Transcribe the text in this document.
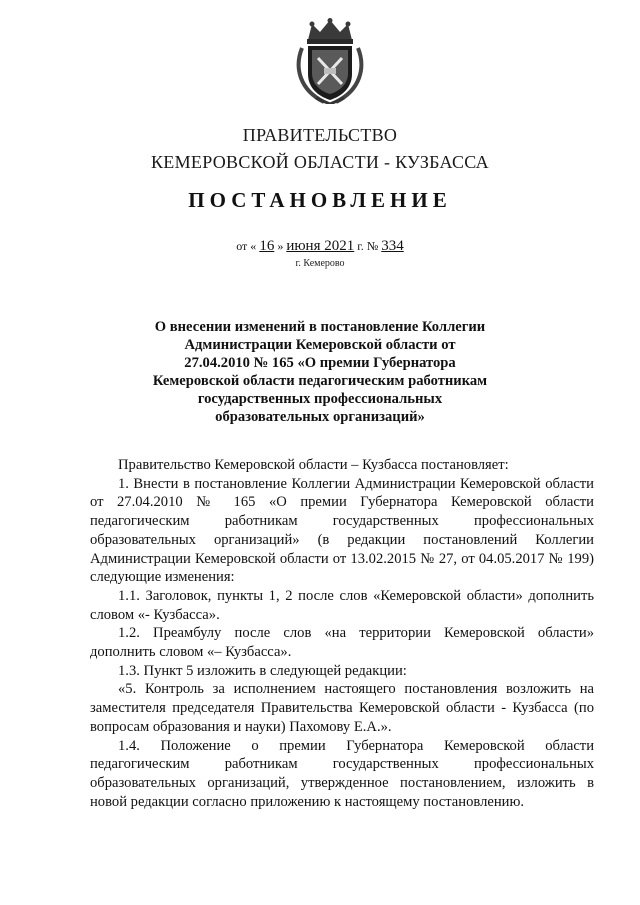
ПРАВИТЕЛЬСТВО
КЕМЕРОВСКОЙ ОБЛАСТИ - КУЗБАССА
ПОСТАНОВЛЕНИЕ
от « 16 » июня 2021 г. № 334
г. Кемерово
О внесении изменений в постановление Коллегии Администрации Кемеровской области от 27.04.2010 № 165 «О премии Губернатора Кемеровской области педагогическим работникам государственных профессиональных образовательных организаций»

Правительство Кемеровской области – Кузбасса постановляет:

1. Внести в постановление Коллегии Администрации Кемеровской области от 27.04.2010 № 165 «О премии Губернатора Кемеровской области педагогическим работникам государственных профессиональных образовательных организаций» (в редакции постановлений Коллегии Администрации Кемеровской области от 13.02.2015 № 27, от 04.05.2017 № 199) следующие изменения:

1.1. Заголовок, пункты 1, 2 после слов «Кемеровской области» дополнить словом «- Кузбасса».

1.2. Преамбулу после слов «на территории Кемеровской области» дополнить словом «– Кузбасса».

1.3. Пункт 5 изложить в следующей редакции:

«5. Контроль за исполнением настоящего постановления возложить на заместителя председателя Правительства Кемеровской области - Кузбасса (по вопросам образования и науки) Пахомову Е.А.».

1.4. Положение о премии Губернатора Кемеровской области педагогическим работникам государственных профессиональных образовательных организаций, утвержденное постановлением, изложить в новой редакции согласно приложению к настоящему постановлению.
